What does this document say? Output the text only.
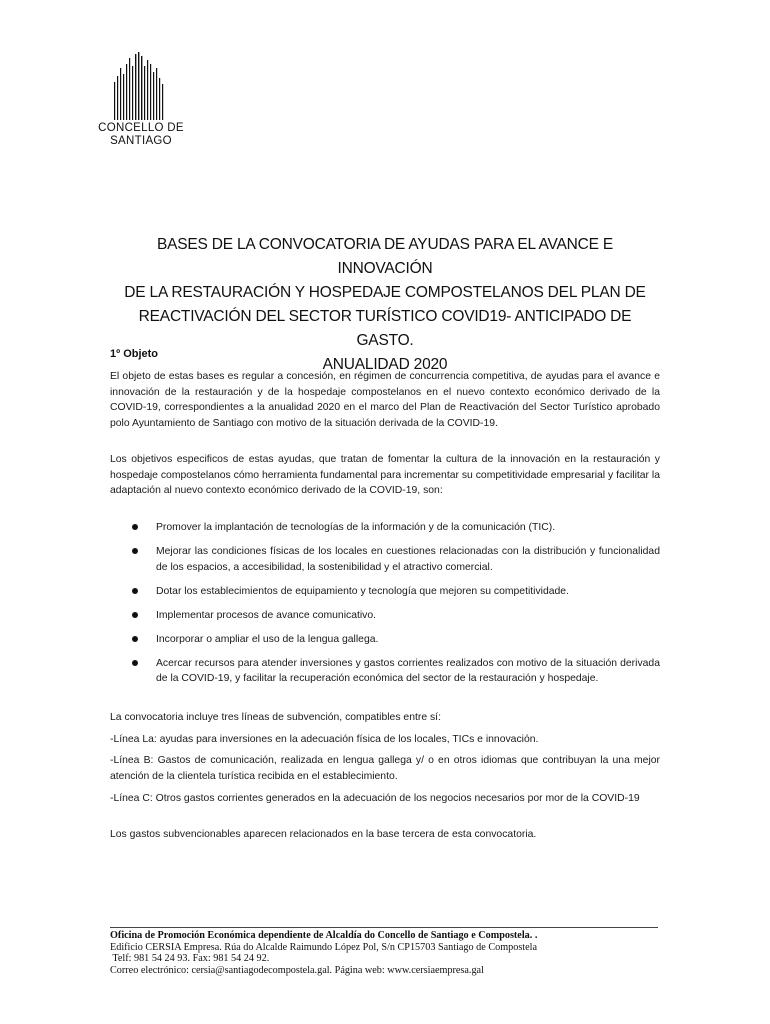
CONCELLO DE
SANTIAGO
BASES DE LA CONVOCATORIA DE AYUDAS PARA EL AVANCE E INNOVACIÓN
DE LA RESTAURACIÓN Y HOSPEDAJE COMPOSTELANOS DEL PLAN DE
REACTIVACIÓN DEL SECTOR TURÍSTICO COVID19- ANTICIPADO DE GASTO.
ANUALIDAD 2020
1º Objeto
El objeto de estas bases es regular a concesión, en régimen de concurrencia competitiva, de ayudas para el avance e innovación de la restauración y de la hospedaje compostelanos en el nuevo contexto económico derivado de la COVID-19, correspondientes a la anualidad 2020 en el marco del Plan de Reactivación del Sector Turístico aprobado polo Ayuntamiento de Santiago con motivo de la situación derivada de la COVID-19.
Los objetivos especificos de estas ayudas, que tratan de fomentar la cultura de la innovación en la restauración y hospedaje compostelanos cómo herramienta fundamental para incrementar su competitividade empresarial y facilitar la adaptación al nuevo contexto económico derivado de la COVID-19, son:
Promover la implantación de tecnologías de la información y de la comunicación (TIC).
Mejorar las condiciones físicas de los locales en cuestiones relacionadas con la distribución y funcionalidad de los espacios, a accesibilidad, la sostenibilidad y el atractivo comercial.
Dotar los establecimientos de equipamiento y tecnología que mejoren su competitividade.
Implementar procesos de avance comunicativo.
Incorporar o ampliar el uso de la lengua gallega.
Acercar recursos para atender inversiones y gastos corrientes realizados con motivo de la situación derivada de la COVID-19, y facilitar la recuperación económica del sector de la restauración y hospedaje.
La convocatoria incluye tres líneas de subvención, compatibles entre sí:
-Línea La: ayudas para inversiones en la adecuación física de los locales, TICs e innovación.
-Línea B: Gastos de comunicación, realizada en lengua gallega y/ o en otros idiomas que contribuyan la una mejor atención de la clientela turística recibida en el establecimiento.
-Línea C: Otros gastos corrientes generados en la adecuación de los negocios necesarios por mor de la COVID-19
Los gastos subvencionables aparecen relacionados en la base tercera de esta convocatoria.
Oficina de Promoción Económica dependiente de Alcaldía do Concello de Santiago e Compostela. .
Edificio CERSIA Empresa. Rúa do Alcalde Raimundo López Pol, S/n CP15703 Santiago de Compostela
Telf: 981 54 24 93. Fax: 981 54 24 92.
Correo electrónico: cersia@santiagodecompostela.gal. Página web: www.cersiaempresa.gal
